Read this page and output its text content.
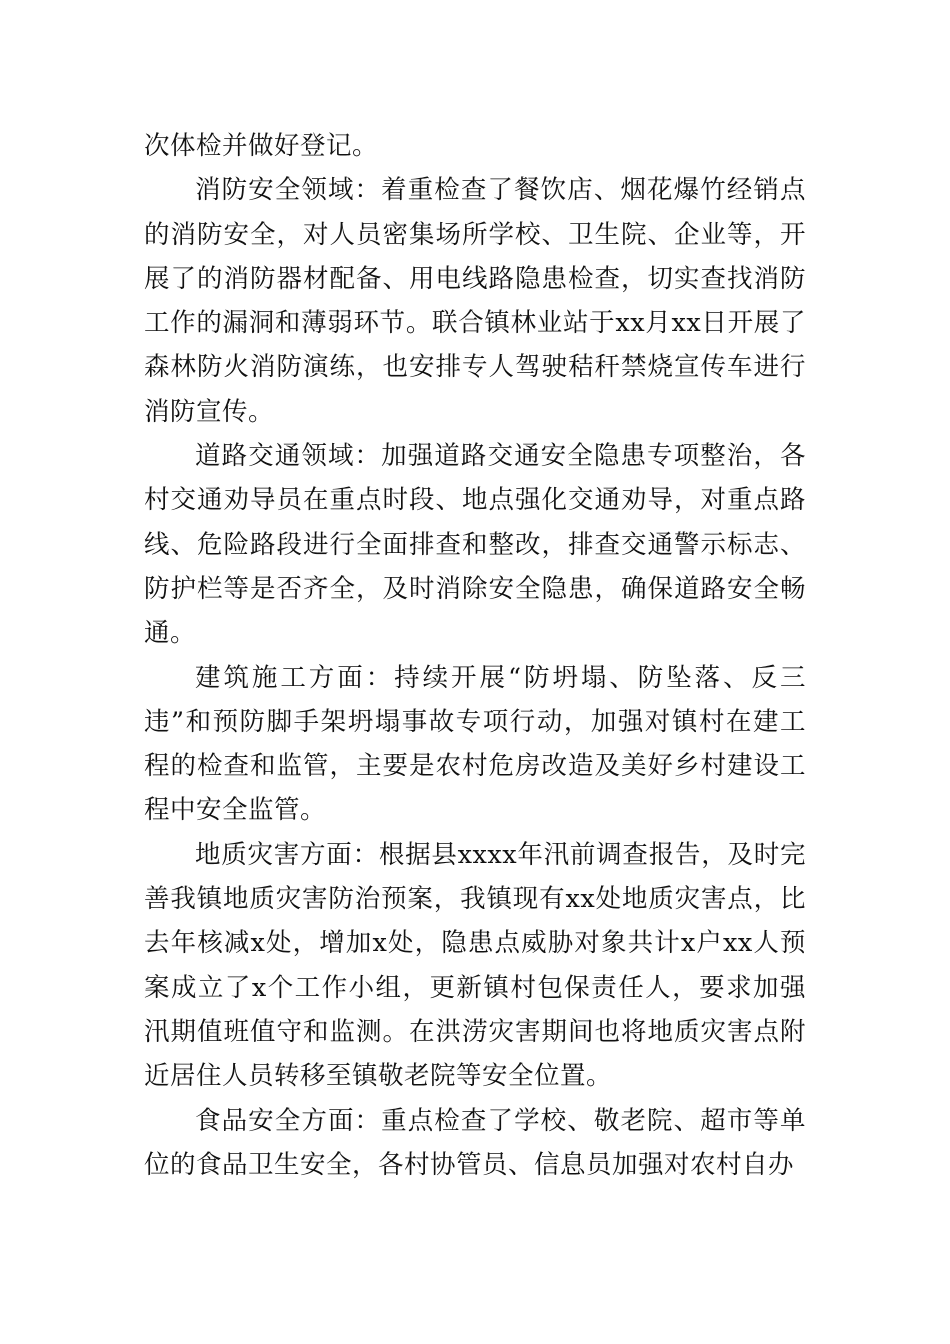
次体检并做好登记。

消防安全领域：着重检查了餐饮店、烟花爆竹经销点的消防安全，对人员密集场所学校、卫生院、企业等，开展了的消防器材配备、用电线路隐患检查，切实查找消防工作的漏洞和薄弱环节。联合镇林业站于xx月xx日开展了森林防火消防演练，也安排专人驾驶秸秆禁烧宣传车进行消防宣传。

道路交通领域：加强道路交通安全隐患专项整治，各村交通劝导员在重点时段、地点强化交通劝导，对重点路线、危险路段进行全面排查和整改，排查交通警示标志、防护栏等是否齐全，及时消除安全隐患，确保道路安全畅通。

建筑施工方面：持续开展“防坍塌、防坠落、反三违”和预防脚手架坍塌事故专项行动，加强对镇村在建工程的检查和监管，主要是农村危房改造及美好乡村建设工程中安全监管。

地质灾害方面：根据县xxxx年汛前调查报告，及时完善我镇地质灾害防治预案，我镇现有xx处地质灾害点，比去年核减x处，增加x处，隐患点威胁对象共计x户xx人预案成立了x个工作小组，更新镇村包保责任人，要求加强汛期值班值守和监测。在洪涝灾害期间也将地质灾害点附近居住人员转移至镇敬老院等安全位置。

食品安全方面：重点检查了学校、敬老院、超市等单位的食品卫生安全，各村协管员、信息员加强对农村自办
